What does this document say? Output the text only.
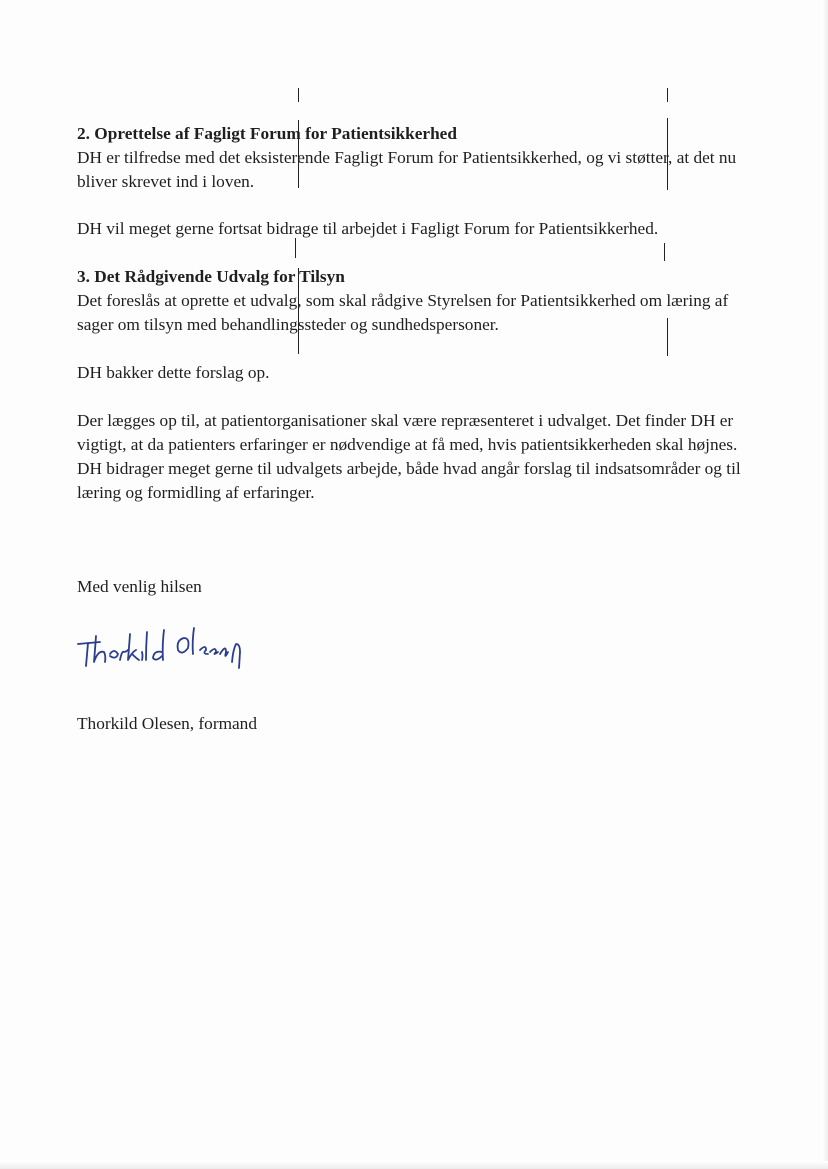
2. Oprettelse af Fagligt Forum for Patientsikkerhed

DH er tilfredse med det eksisterende Fagligt Forum for Patientsikkerhed, og vi støtter, at det nu bliver skrevet ind i loven.

DH vil meget gerne fortsat bidrage til arbejdet i Fagligt Forum for Patientsikkerhed.

3. Det Rådgivende Udvalg for Tilsyn

Det foreslås at oprette et udvalg, som skal rådgive Styrelsen for Patientsikkerhed om læring af sager om tilsyn med behandlingssteder og sundhedspersoner.

DH bakker dette forslag op.

Der lægges op til, at patientorganisationer skal være repræsenteret i udvalget. Det finder DH er vigtigt, at da patienters erfaringer er nødvendige at få med, hvis patientsikkerheden skal højnes. DH bidrager meget gerne til udvalgets arbejde, både hvad angår forslag til indsatsområder og til læring og formidling af erfaringer.

Med venlig hilsen

Thorkild Olesen, formand
